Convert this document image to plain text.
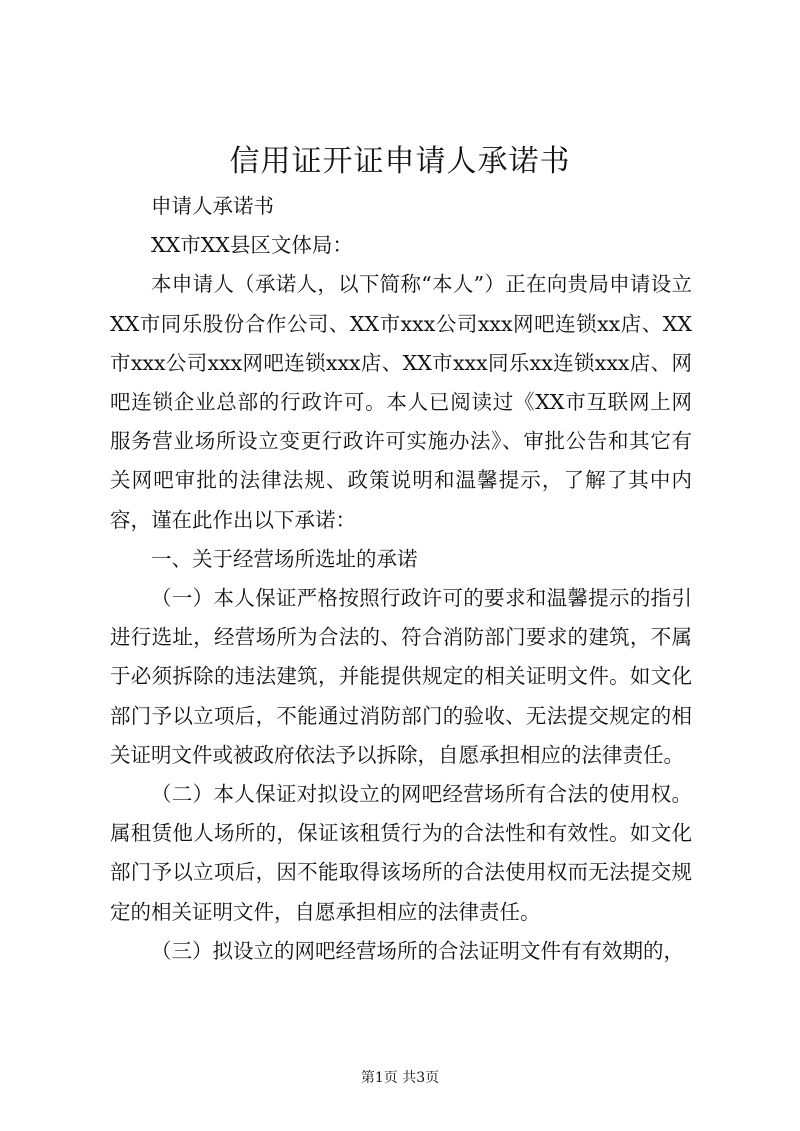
信用证开证申请人承诺书

申请人承诺书

XX市XX县区文体局：

本申请人（承诺人，以下简称“本人”）正在向贵局申请设立XX市同乐股份合作公司、XX市xxx公司xxx网吧连锁xx店、XX市xxx公司xxx网吧连锁xxx店、XX市xxx同乐xx连锁xxx店、网吧连锁企业总部的行政许可。本人已阅读过《XX市互联网上网服务营业场所设立变更行政许可实施办法》、审批公告和其它有关网吧审批的法律法规、政策说明和温馨提示，了解了其中内容，谨在此作出以下承诺：

一、关于经营场所选址的承诺

（一）本人保证严格按照行政许可的要求和温馨提示的指引进行选址，经营场所为合法的、符合消防部门要求的建筑，不属于必须拆除的违法建筑，并能提供规定的相关证明文件。如文化部门予以立项后，不能通过消防部门的验收、无法提交规定的相关证明文件或被政府依法予以拆除，自愿承担相应的法律责任。

（二）本人保证对拟设立的网吧经营场所有合法的使用权。属租赁他人场所的，保证该租赁行为的合法性和有效性。如文化部门予以立项后，因不能取得该场所的合法使用权而无法提交规定的相关证明文件，自愿承担相应的法律责任。

（三）拟设立的网吧经营场所的合法证明文件有有效期的，

第1页 共3页
